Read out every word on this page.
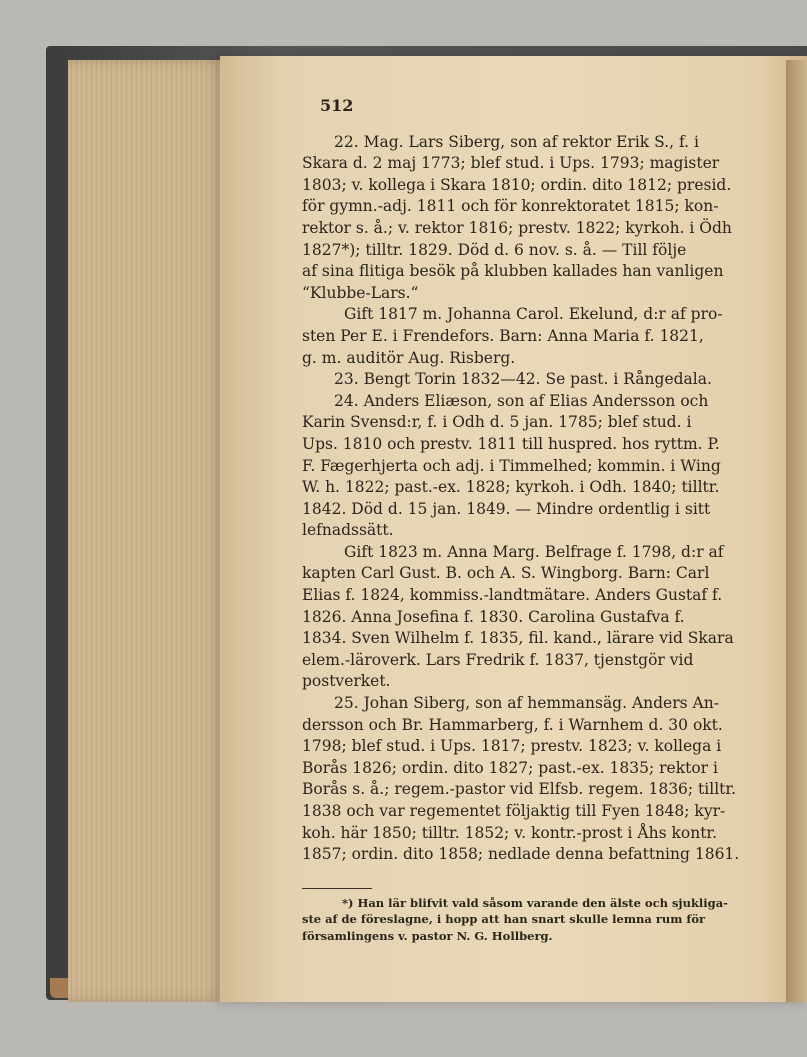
512
22. Mag. Lars Siberg, son af rektor Erik S., f. i
Skara d. 2 maj 1773; blef stud. i Ups. 1793; magister
1803; v. kollega i Skara 1810; ordin. dito 1812; presid.
för gymn.-adj. 1811 och för konrektoratet 1815; kon-
rektor s. å.; v. rektor 1816; prestv. 1822; kyrkoh. i Ödh
1827*); tilltr. 1829. Död d. 6 nov. s. å. — Till följe
af sina flitiga besök på klubben kallades han vanligen
“Klubbe-Lars.“
Gift 1817 m. Johanna Carol. Ekelund, d:r af pro-
sten Per E. i Frendefors. Barn: Anna Maria f. 1821,
g. m. auditör Aug. Risberg.
23. Bengt Torin 1832—42. Se past. i Rångedala.
24. Anders Eliæson, son af Elias Andersson och
Karin Svensd:r, f. i Odh d. 5 jan. 1785; blef stud. i
Ups. 1810 och prestv. 1811 till huspred. hos ryttm. P.
F. Fægerhjerta och adj. i Timmelhed; kommin. i Wing
W. h. 1822; past.-ex. 1828; kyrkoh. i Odh. 1840; tilltr.
1842. Död d. 15 jan. 1849. — Mindre ordentlig i sitt
lefnadssätt.
Gift 1823 m. Anna Marg. Belfrage f. 1798, d:r af
kapten Carl Gust. B. och A. S. Wingborg. Barn: Carl
Elias f. 1824, kommiss.-landtmätare. Anders Gustaf f.
1826. Anna Josefina f. 1830. Carolina Gustafva f.
1834. Sven Wilhelm f. 1835, fil. kand., lärare vid Skara
elem.-läroverk. Lars Fredrik f. 1837, tjenstgör vid
postverket.
25. Johan Siberg, son af hemmansäg. Anders An-
dersson och Br. Hammarberg, f. i Warnhem d. 30 okt.
1798; blef stud. i Ups. 1817; prestv. 1823; v. kollega i
Borås 1826; ordin. dito 1827; past.-ex. 1835; rektor i
Borås s. å.; regem.-pastor vid Elfsb. regem. 1836; tilltr.
1838 och var regementet följaktig till Fyen 1848; kyr-
koh. här 1850; tilltr. 1852; v. kontr.-prost i Åhs kontr.
1857; ordin. dito 1858; nedlade denna befattning 1861.
*) Han lär blifvit vald såsom varande den älste och sjukliga-
ste af de föreslagne, i hopp att han snart skulle lemna rum för
församlingens v. pastor N. G. Hollberg.
